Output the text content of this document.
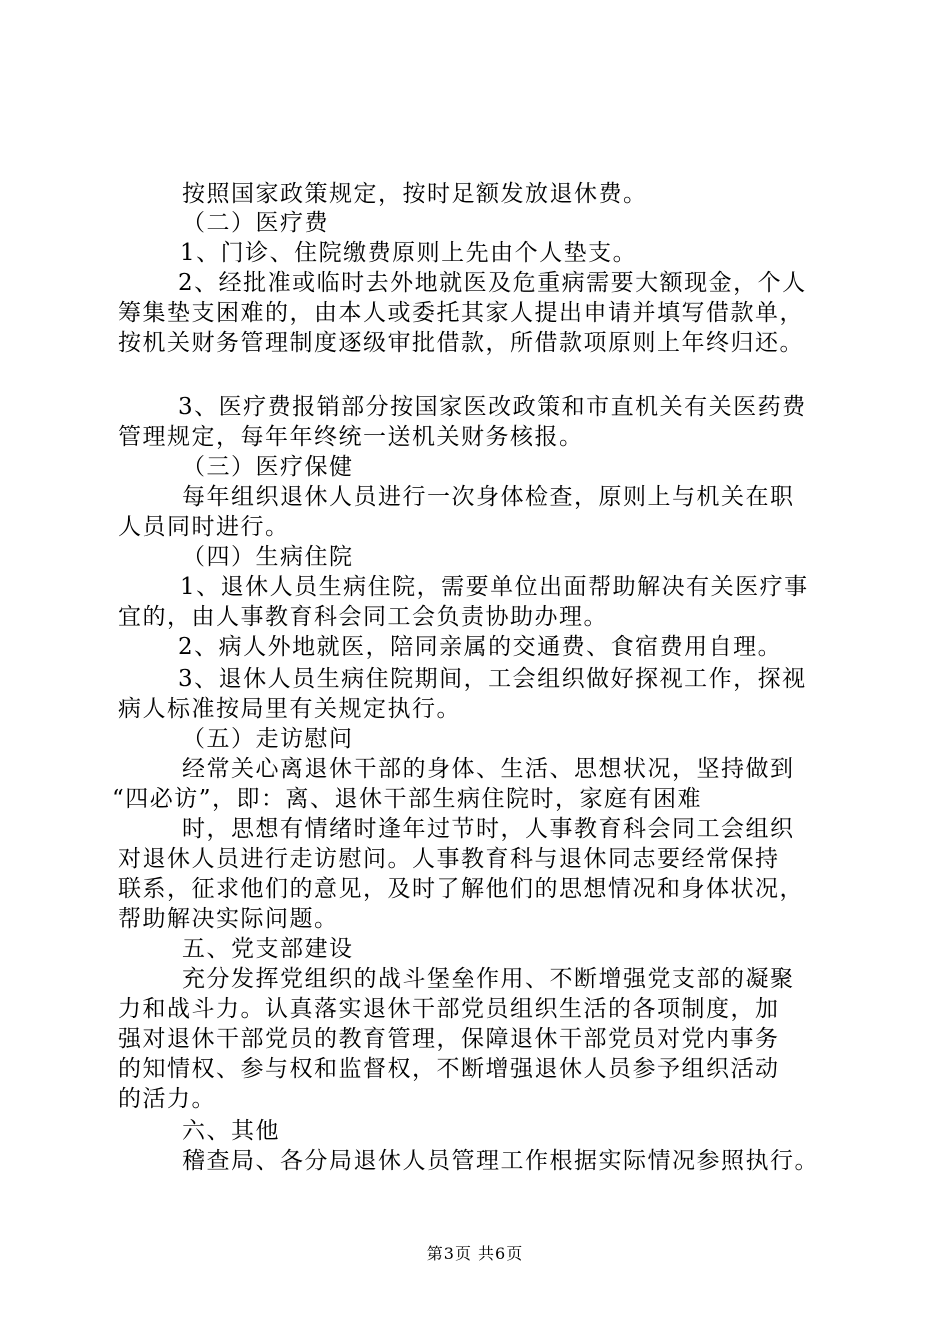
按照国家政策规定，按时足额发放退休费。
（二）医疗费
1、门诊、住院缴费原则上先由个人垫支。
2、经批准或临时去外地就医及危重病需要大额现金，个人
筹集垫支困难的，由本人或委托其家人提出申请并填写借款单，
按机关财务管理制度逐级审批借款，所借款项原则上年终归还。
3、医疗费报销部分按国家医改政策和市直机关有关医药费
管理规定，每年年终统一送机关财务核报。
（三）医疗保健
每年组织退休人员进行一次身体检查，原则上与机关在职
人员同时进行。
（四）生病住院
1、退休人员生病住院，需要单位出面帮助解决有关医疗事
宜的，由人事教育科会同工会负责协助办理。
2、病人外地就医，陪同亲属的交通费、食宿费用自理。
3、退休人员生病住院期间，工会组织做好探视工作，探视
病人标准按局里有关规定执行。
（五）走访慰问
经常关心离退休干部的身体、生活、思想状况，坚持做到
“四必访”，即：离、退休干部生病住院时，家庭有困难
时，思想有情绪时逢年过节时，人事教育科会同工会组织
对退休人员进行走访慰问。人事教育科与退休同志要经常保持
联系，征求他们的意见，及时了解他们的思想情况和身体状况，
帮助解决实际问题。
五、党支部建设
充分发挥党组织的战斗堡垒作用、不断增强党支部的凝聚
力和战斗力。认真落实退休干部党员组织生活的各项制度，加
强对退休干部党员的教育管理，保障退休干部党员对党内事务
的知情权、参与权和监督权，不断增强退休人员参予组织活动
的活力。
六、其他
稽查局、各分局退休人员管理工作根据实际情况参照执行。
第3页 共6页
